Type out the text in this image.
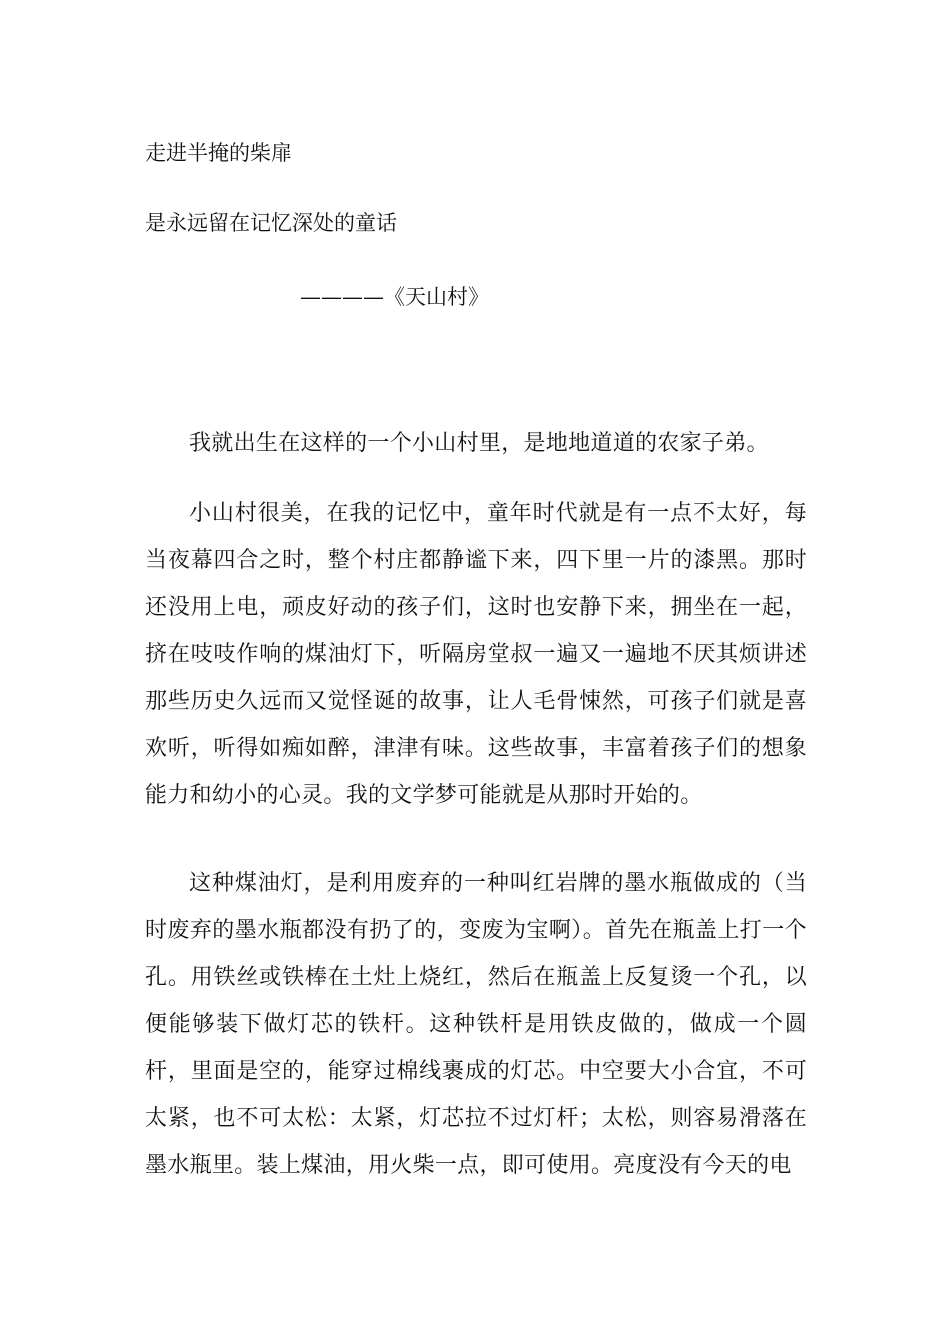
走进半掩的柴扉

是永远留在记忆深处的童话

————《天山村》

我就出生在这样的一个小山村里，是地地道道的农家子弟。

小山村很美，在我的记忆中，童年时代就是有一点不太好，每当夜幕四合之时，整个村庄都静谧下来，四下里一片的漆黑。那时还没用上电，顽皮好动的孩子们，这时也安静下来，拥坐在一起，挤在吱吱作响的煤油灯下，听隔房堂叔一遍又一遍地不厌其烦讲述那些历史久远而又觉怪诞的故事，让人毛骨悚然，可孩子们就是喜欢听，听得如痴如醉，津津有味。这些故事，丰富着孩子们的想象能力和幼小的心灵。我的文学梦可能就是从那时开始的。

这种煤油灯，是利用废弃的一种叫红岩牌的墨水瓶做成的（当时废弃的墨水瓶都没有扔了的，变废为宝啊）。首先在瓶盖上打一个孔。用铁丝或铁棒在土灶上烧红，然后在瓶盖上反复烫一个孔，以便能够装下做灯芯的铁杆。这种铁杆是用铁皮做的，做成一个圆杆，里面是空的，能穿过棉线裹成的灯芯。中空要大小合宜，不可太紧，也不可太松：太紧，灯芯拉不过灯杆；太松，则容易滑落在墨水瓶里。装上煤油，用火柴一点，即可使用。亮度没有今天的电
